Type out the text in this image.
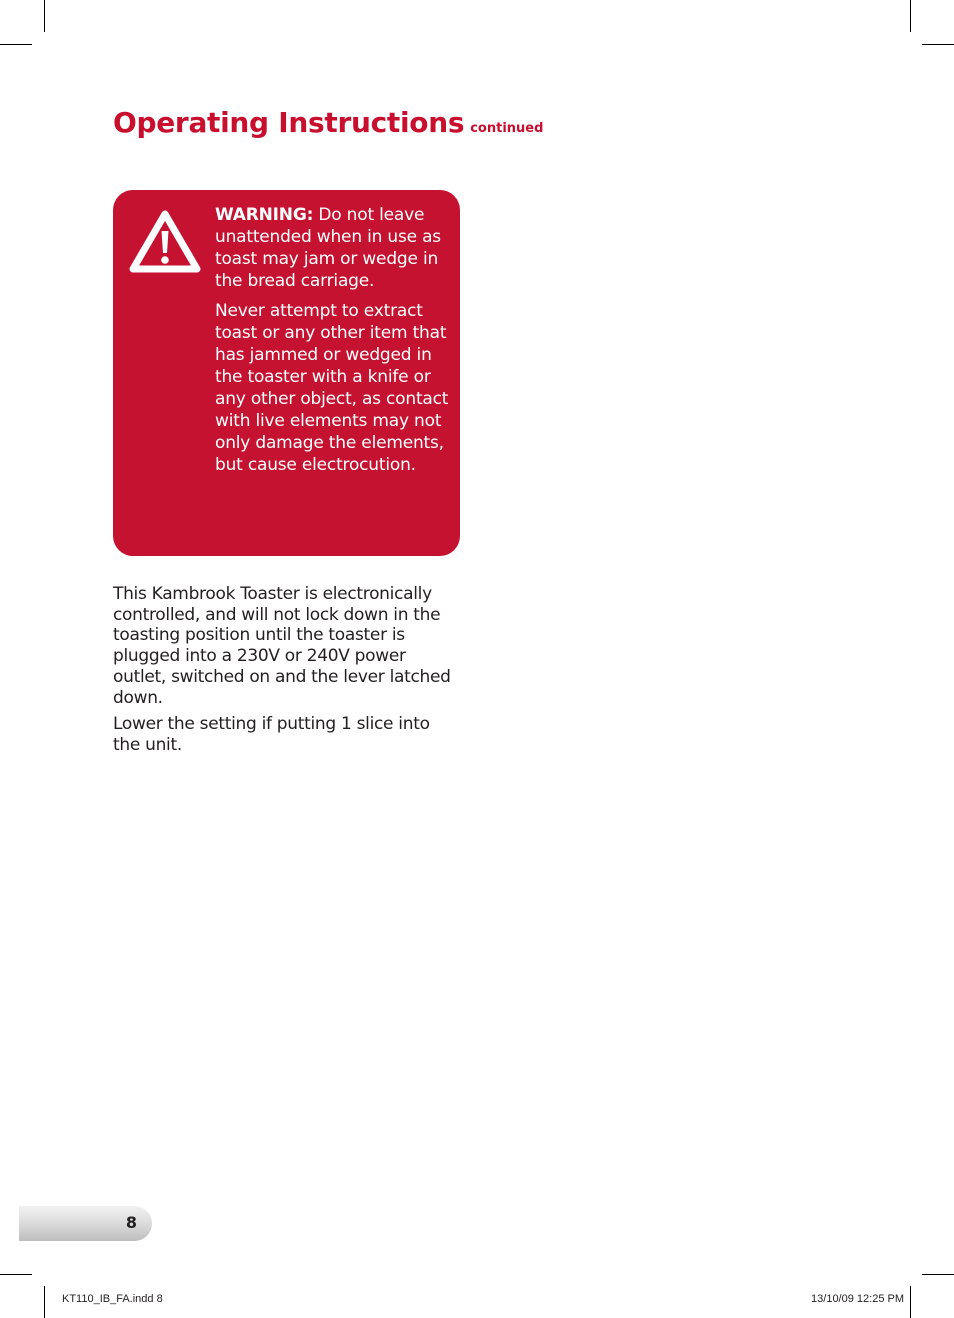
Operating Instructions continued

WARNING: Do not leave unattended when in use as toast may jam or wedge in the bread carriage.

Never attempt to extract toast or any other item that has jammed or wedged in the toaster with a knife or any other object, as contact with live elements may not only damage the elements, but cause electrocution.

This Kambrook Toaster is electronically controlled, and will not lock down in the toasting position until the toaster is plugged into a 230V or 240V power outlet, switched on and the lever latched down.

Lower the setting if putting 1 slice into the unit.

8
KT110_IB_FA.indd 8	13/10/09 12:25 PM
